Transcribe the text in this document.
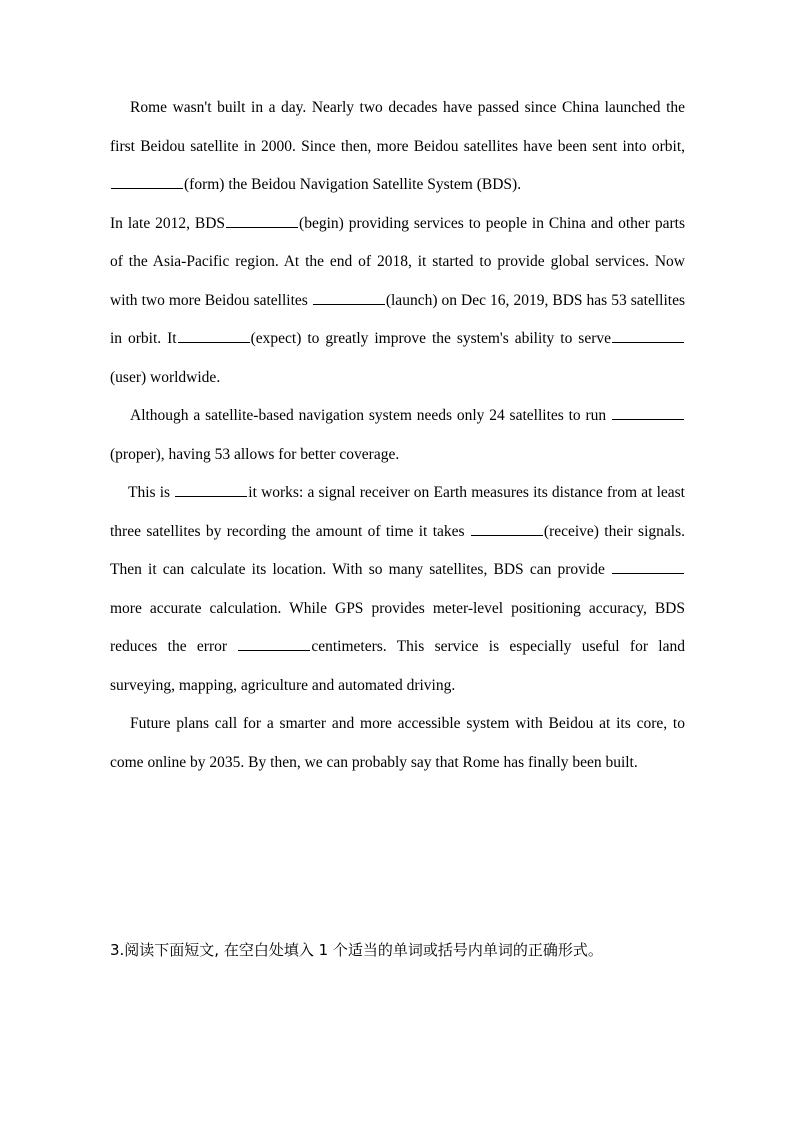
Rome wasn't built in a day. Nearly two decades have passed since China launched the first Beidou satellite in 2000. Since then, more Beidou satellites have been sent into orbit, (form) the Beidou Navigation Satellite System (BDS).

In late 2012, BDS	(begin) providing services to people in China and other parts of the Asia-Pacific region. At the end of 2018, it started to provide global services. Now with two more Beidou satellites	(launch) on Dec 16, 2019, BDS has 53 satellites in orbit. It	(expect) to greatly improve the system's ability to serve(user) worldwide.

Although a satellite-based navigation system needs only 24 satellites to run (proper), having 53 allows for better coverage.

This is	it works: a signal receiver on Earth measures its distance from at least three satellites by recording the amount of time it takes	(receive) their signals. Then it can calculate its location. With so many satellites, BDS can provide more accurate calculation. While GPS provides meter-level positioning accuracy, BDS reduces the error	centimeters. This service is especially useful for land surveying, mapping, agriculture and automated driving.

Future plans call for a smarter and more accessible system with Beidou at its core, to come online by 2035. By then, we can probably say that Rome has finally been built.

3.阅读下面短文, 在空白处填入 1 个适当的单词或括号内单词的正确形式。
